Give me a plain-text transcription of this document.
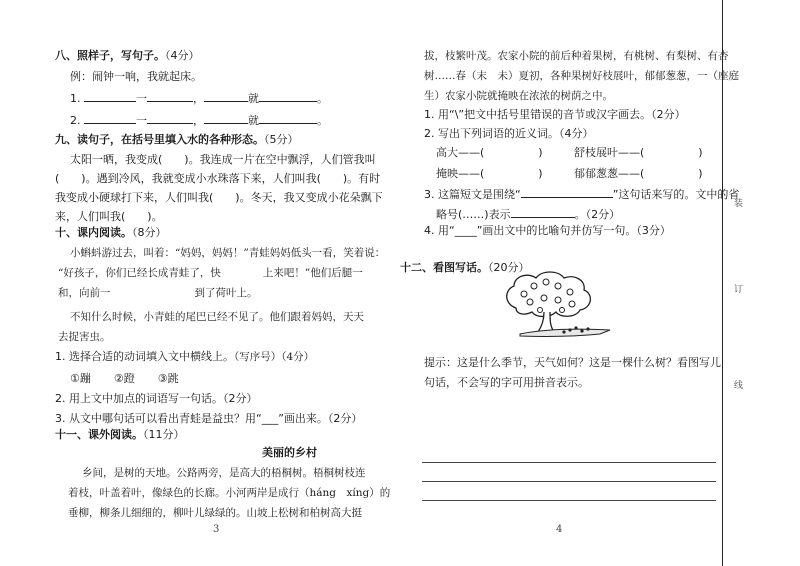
八、照样子，写句子。（4分）
例：闹钟一响，我就起床。
1.	一	，	就	。
2.	一	，	就	。
九、读句子，在括号里填入水的各种形态。（5分）
太阳一晒，我变成(　　)。我连成一片在空中飘浮，人们管我叫
(　　)。遇到冷风，我就变成小水珠落下来，人们叫我(　　)。有时
我变成小硬球打下来，人们叫我(　　)。冬天，我又变成小花朵飘下
来，人们叫我(　　)。
十、课内阅读。（8分）
小蝌蚪游过去，叫着：“妈妈，妈妈！”青蛙妈妈低头一看，笑着说：
“好孩子，你们已经长成青蛙了，快　　　　上来吧！”他们后腿一
和，向前一　　　　　　　　到了荷叶上。
不知什么时候，小青蛙的尾巴已经不见了。他们跟着妈妈，天天
去捉害虫。
1. 选择合适的动词填入文中横线上。（写序号）（4分）
①蹦 ②蹬 ③跳
2. 用上文中加点的词语写一句话。（2分）
3. 从文中哪句话可以看出青蛙是益虫？用“___”画出来。（2分）
十一、课外阅读。（11分）
美丽的乡村
乡间，是树的天地。公路两旁，是高大的梧桐树。梧桐树枝连
着枝，叶盖着叶，像绿色的长廊。小河两岸是成行（háng　xíng）的
垂柳，柳条儿细细的，柳叶儿绿绿的。山坡上松树和柏树高大挺
3
拔，枝繁叶茂。农家小院的前后种着果树，有桃树、有梨树、有杏
树……春（末　未）夏初，各种果树好枝展叶，郁郁葱葱，一（座庭
生）农家小院就掩映在浓浓的树荫之中。
1. 用“\”把文中括号里错误的音节或汉字画去。（2分）
2. 写出下列词语的近义词。（4分）
高大——(	)	舒枝展叶——(	)
掩映——(	)	郁郁葱葱——(	)
3. 这篇短文是围绕“	”这句话来写的。文中的省
略号(……)表示	。（2分）
4. 用“____”画出文中的比喻句并仿写一句。（3分）
十二、看图写话。（20分）
提示：这是什么季节，天气如何？这是一棵什么树？看图写儿
句话，不会写的字可用拼音表示。
4
装
订
线
